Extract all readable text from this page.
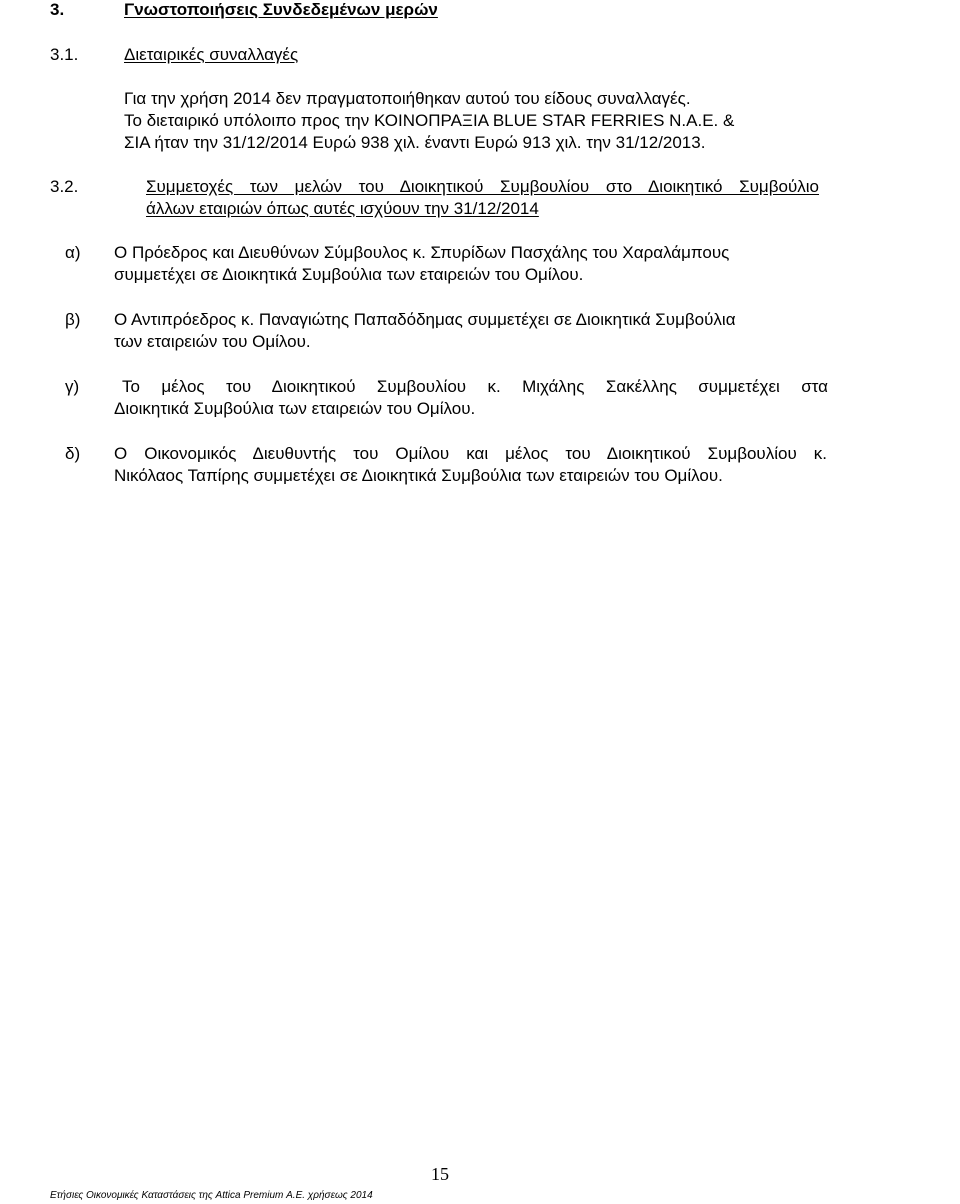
3.	Γνωστοποιήσεις Συνδεδεμένων μερών
3.1.	Διεταιρικές συναλλαγές
Για την χρήση 2014 δεν πραγματοποιήθηκαν αυτού του είδους συναλλαγές.
Το διεταιρικό υπόλοιπο προς την ΚΟΙΝΟΠΡΑΞΙΑ BLUE STAR FERRIES N.A.E. &
ΣΙΑ ήταν την 31/12/2014 Ευρώ 938 χιλ. έναντι Ευρώ 913 χιλ. την 31/12/2013.
3.2.	Συμμετοχές των μελών του Διοικητικού Συμβουλίου στο Διοικητικό Συμβούλιο
άλλων εταιριών όπως αυτές ισχύουν την 31/12/2014
α) Ο Πρόεδρος και Διευθύνων Σύμβουλος κ. Σπυρίδων Πασχάλης του Χαραλάμπους
συμμετέχει σε Διοικητικά Συμβούλια των εταιρειών του Ομίλου.
β) Ο Αντιπρόεδρος κ. Παναγιώτης Παπαδόδημας συμμετέχει σε Διοικητικά Συμβούλια
των εταιρειών του Ομίλου.
γ)	Το μέλος του Διοικητικού Συμβουλίου κ. Μιχάλης Σακέλλης συμμετέχει στα
Διοικητικά Συμβούλια των εταιρειών του Ομίλου.
δ) Ο Οικονομικός Διευθυντής του Ομίλου και μέλος του Διοικητικού Συμβουλίου κ.
Νικόλαος Ταπίρης συμμετέχει σε Διοικητικά Συμβούλια των εταιρειών του Ομίλου.
15
Ετήσιες Οικονομικές Καταστάσεις της Attica Premium Α.Ε. χρήσεως 2014
